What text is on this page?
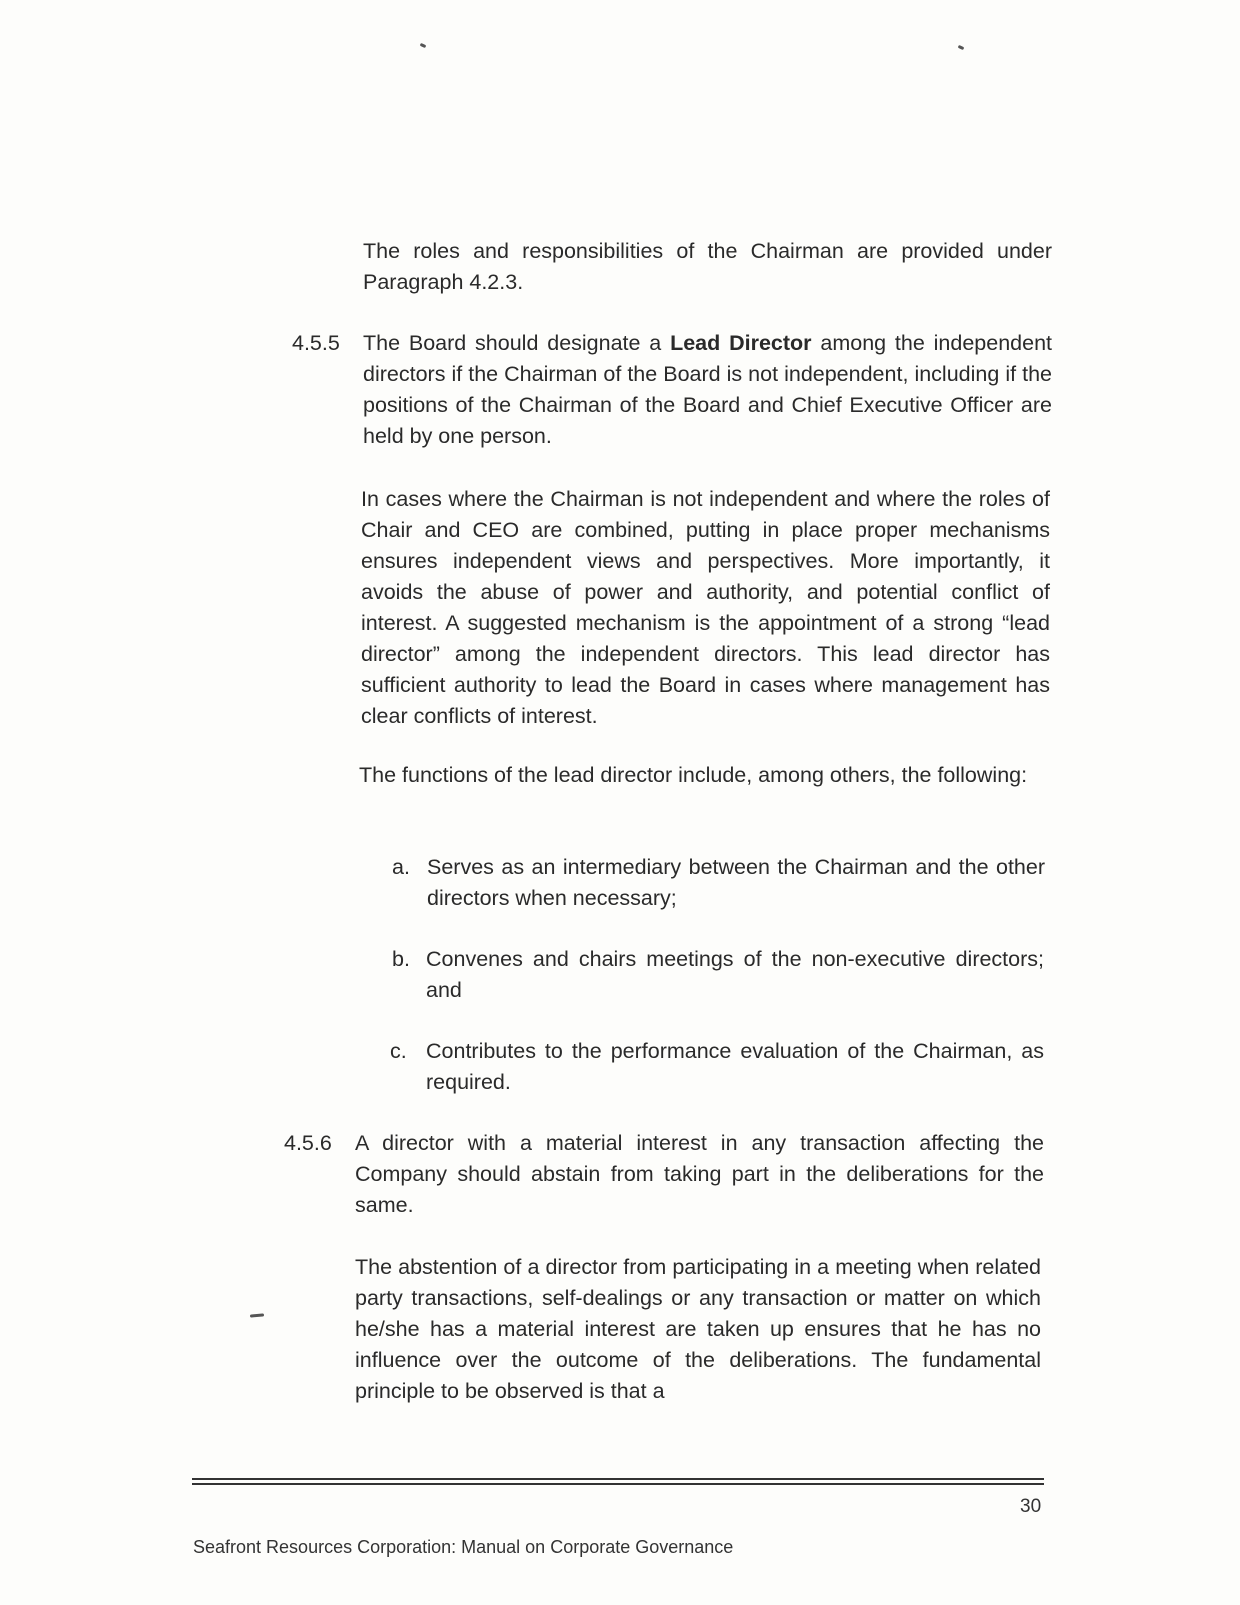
The roles and responsibilities of the Chairman are provided under Paragraph 4.2.3.
4.5.5 The Board should designate a Lead Director among the independent directors if the Chairman of the Board is not independent, including if the positions of the Chairman of the Board and Chief Executive Officer are held by one person.
In cases where the Chairman is not independent and where the roles of Chair and CEO are combined, putting in place proper mechanisms ensures independent views and perspectives. More importantly, it avoids the abuse of power and authority, and potential conflict of interest. A suggested mechanism is the appointment of a strong “lead director” among the independent directors. This lead director has sufficient authority to lead the Board in cases where management has clear conflicts of interest.
The functions of the lead director include, among others, the following:
a. Serves as an intermediary between the Chairman and the other directors when necessary;
b. Convenes and chairs meetings of the non-executive directors; and
c. Contributes to the performance evaluation of the Chairman, as required.
4.5.6 A director with a material interest in any transaction affecting the Company should abstain from taking part in the deliberations for the same.
The abstention of a director from participating in a meeting when related party transactions, self-dealings or any transaction or matter on which he/she has a material interest are taken up ensures that he has no influence over the outcome of the deliberations. The fundamental principle to be observed is that a
30
Seafront Resources Corporation: Manual on Corporate Governance
